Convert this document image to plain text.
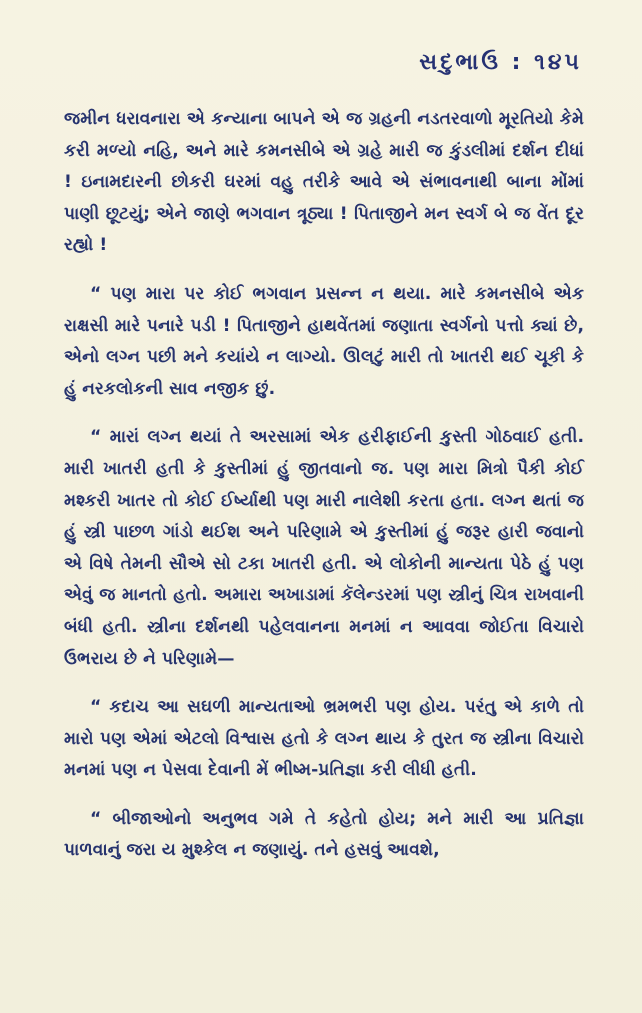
સદુભાઉ : ૧૪૫

જમીન ધરાવનારા એ કન્યાના બાપને એ જ ગ્રહની નડતરવાળો મૂરતિયો કેમે કરી મળ્યો નહિ, અને મારે કમનસીબે એ ગ્રહે મારી જ કુંડલીમાં દર્શન દીધાં ! ઇનામદારની છોકરી ઘરમાં વહુ તરીકે આવે એ સંભાવનાથી બાના મોંમાં પાણી છૂટયું; એને જાણે ભગવાન ત્રૂઠ્યા ! પિતાજીને મન સ્વર્ગ બે જ વેંત દૂર રહ્યો !

“ પણ મારા પર કોઈ ભગવાન પ્રસન્ન ન થયા. મારે કમનસીબે એક રાક્ષસી મારે પનારે પડી ! પિતાજીને હાથવેંતમાં જણાતા સ્વર્ગનો પત્તો ક્યાં છે, એનો લગ્ન પછી મને કયાંયે ન લાગ્યો. ઊલટું મારી તો ખાતરી થઈ ચૂકી કે હું નરકલોકની સાવ નજીક છું.

“ મારાં લગ્ન થયાં તે અરસામાં એક હરીફાઈની કુસ્તી ગોઠવાઈ હતી. મારી ખાતરી હતી કે કુસ્તીમાં હું જીતવાનો જ. પણ મારા મિત્રો પૈકી કોઈ મશ્કરી ખાતર તો કોઈ ઈર્ષ્યાથી પણ મારી નાલેશી કરતા હતા. લગ્ન થતાં જ હું સ્ત્રી પાછળ ગાંડો થઈશ અને પરિણામે એ કુસ્તીમાં હું જરૂર હારી જવાનો એ વિષે તેમની સૌએ સો ટકા ખાતરી હતી. એ લોકોની માન્યતા પેઠે હું પણ એવું જ માનતો હતો. અમારા અખાડામાં કૅલેન્ડરમાં પણ સ્ત્રીનું ચિત્ર રાખવાની બંધી હતી. સ્ત્રીના દર્શનથી પહેલવાનના મનમાં ન આવવા જોઈતા વિચારો ઉભરાય છે ને પરિણામે—

“ કદાચ આ સઘળી માન્યતાઓ ભ્રમભરી પણ હોય. પરંતુ એ કાળે તો મારો પણ એમાં એટલો વિશ્વાસ હતો કે લગ્ન થાય કે તુરત જ સ્ત્રીના વિચારો મનમાં પણ ન પેસવા દેવાની મેં ભીષ્મ-પ્રતિજ્ઞા કરી લીધી હતી.

“ બીજાઓનો અનુભવ ગમે તે કહેતો હોય; મને મારી આ પ્રતિજ્ઞા પાળવાનું જરા ય મુશ્કેલ ન જણાયું. તને હસવું આવશે,
